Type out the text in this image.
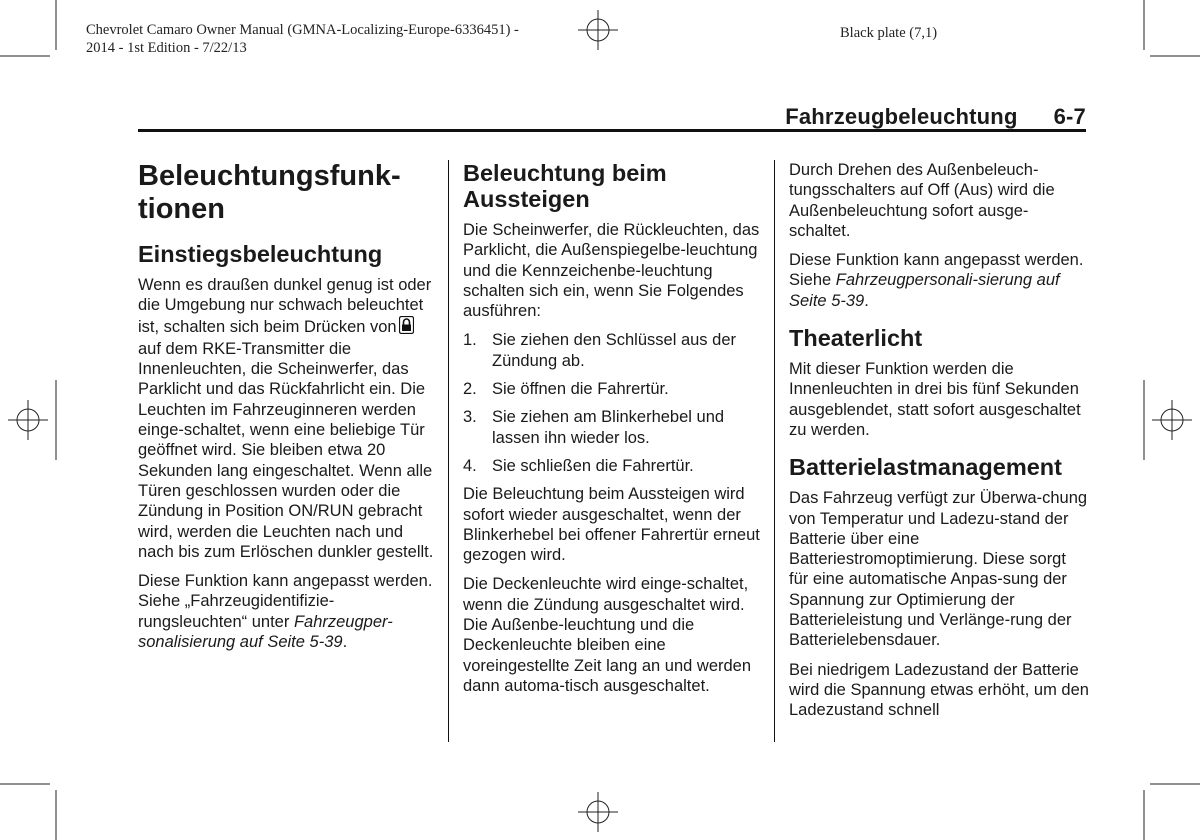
Chevrolet Camaro Owner Manual (GMNA-Localizing-Europe-6336451) -
2014 - 1st Edition - 7/22/13
Black plate (7,1)
Fahrzeugbeleuchtung 6-7
Beleuchtungsfunk-
tionen
Einstiegsbeleuchtung

Wenn es draußen dunkel genug ist oder die Umgebung nur schwach beleuchtet ist, schalten sich beim Drücken vonauf dem RKE-Transmitter die Innenleuchten, die Scheinwerfer, das Parklicht und das Rückfahrlicht ein. Die Leuchten im Fahrzeuginneren werden einge-schaltet, wenn eine beliebige Tür geöffnet wird. Sie bleiben etwa 20 Sekunden lang eingeschaltet. Wenn alle Türen geschlossen wurden oder die Zündung in Position ON/RUN gebracht wird, werden die Leuchten nach und nach bis zum Erlöschen dunkler gestellt.

Diese Funktion kann angepasst werden. Siehe „Fahrzeugidentifizie-rungsleuchten“ unter Fahrzeugper-sonalisierung auf Seite 5-39.

Beleuchtung beim
Aussteigen

Die Scheinwerfer, die Rückleuchten, das Parklicht, die Außenspiegelbe-leuchtung und die Kennzeichenbe-leuchtung schalten sich ein, wenn Sie Folgendes ausführen:

1. Sie ziehen den Schlüssel aus der Zündung ab.
2. Sie öffnen die Fahrertür.
3. Sie ziehen am Blinkerhebel und lassen ihn wieder los.
4. Sie schließen die Fahrertür.

Die Beleuchtung beim Aussteigen wird sofort wieder ausgeschaltet, wenn der Blinkerhebel bei offener Fahrertür erneut gezogen wird.

Die Deckenleuchte wird einge-schaltet, wenn die Zündung ausgeschaltet wird. Die Außenbe-leuchtung und die Deckenleuchte bleiben eine voreingestellte Zeit lang an und werden dann automa-tisch ausgeschaltet.

Durch Drehen des Außenbeleuch-tungsschalters auf Off (Aus) wird die Außenbeleuchtung sofort ausge-schaltet.

Diese Funktion kann angepasst werden. Siehe Fahrzeugpersonali-sierung auf Seite 5-39.

Theaterlicht

Mit dieser Funktion werden die Innenleuchten in drei bis fünf Sekunden ausgeblendet, statt sofort ausgeschaltet zu werden.

Batterielastmanagement

Das Fahrzeug verfügt zur Überwa-chung von Temperatur und Ladezu-stand der Batterie über eine Batteriestromoptimierung. Diese sorgt für eine automatische Anpas-sung der Spannung zur Optimierung der Batterieleistung und Verlänge-rung der Batterielebensdauer.

Bei niedrigem Ladezustand der Batterie wird die Spannung etwas erhöht, um den Ladezustand schnell
